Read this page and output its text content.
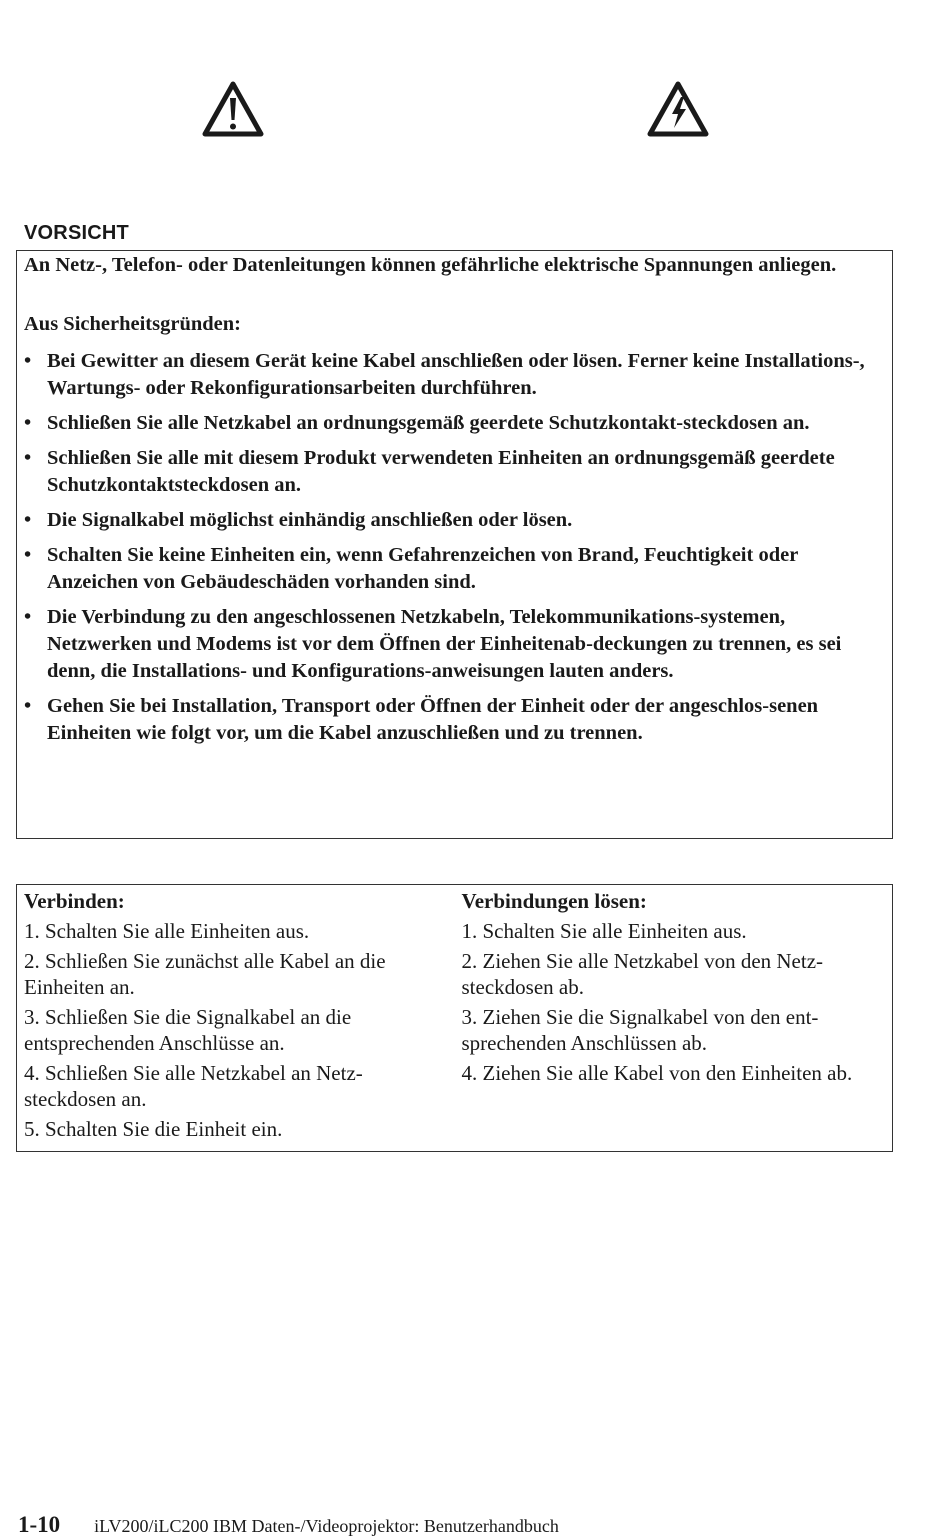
VORSICHT

An Netz-, Telefon- oder Datenleitungen können gefährliche elektrische Spannungen anliegen.

Aus Sicherheitsgründen:

• Bei Gewitter an diesem Gerät keine Kabel anschließen oder lösen. Ferner keine Installations-, Wartungs- oder Rekonfigurationsarbeiten durchführen.
• Schließen Sie alle Netzkabel an ordnungsgemäß geerdete Schutzkontakt-steckdosen an.
• Schließen Sie alle mit diesem Produkt verwendeten Einheiten an ordnungsgemäß geerdete Schutzkontaktsteckdosen an.
• Die Signalkabel möglichst einhändig anschließen oder lösen.
• Schalten Sie keine Einheiten ein, wenn Gefahrenzeichen von Brand, Feuchtigkeit oder Anzeichen von Gebäudeschäden vorhanden sind.
• Die Verbindung zu den angeschlossenen Netzkabeln, Telekommunikations-systemen, Netzwerken und Modems ist vor dem Öffnen der Einheitenab-deckungen zu trennen, es sei denn, die Installations- und Konfigurations-anweisungen lauten anders.
• Gehen Sie bei Installation, Transport oder Öffnen der Einheit oder der angeschlos-senen Einheiten wie folgt vor, um die Kabel anzuschließen und zu trennen.

Verbinden:

1. Schalten Sie alle Einheiten aus.
2. Schließen Sie zunächst alle Kabel an die Einheiten an.
3. Schließen Sie die Signalkabel an die entsprechenden Anschlüsse an.
4. Schließen Sie alle Netzkabel an Netz-steckdosen an.
5. Schalten Sie die Einheit ein.

Verbindungen lösen:

1. Schalten Sie alle Einheiten aus.
2. Ziehen Sie alle Netzkabel von den Netz-steckdosen ab.
3. Ziehen Sie die Signalkabel von den ent-sprechenden Anschlüssen ab.
4. Ziehen Sie alle Kabel von den Einheiten ab.
1-10 iLV200/iLC200 IBM Daten-/Videoprojektor: Benutzerhandbuch
